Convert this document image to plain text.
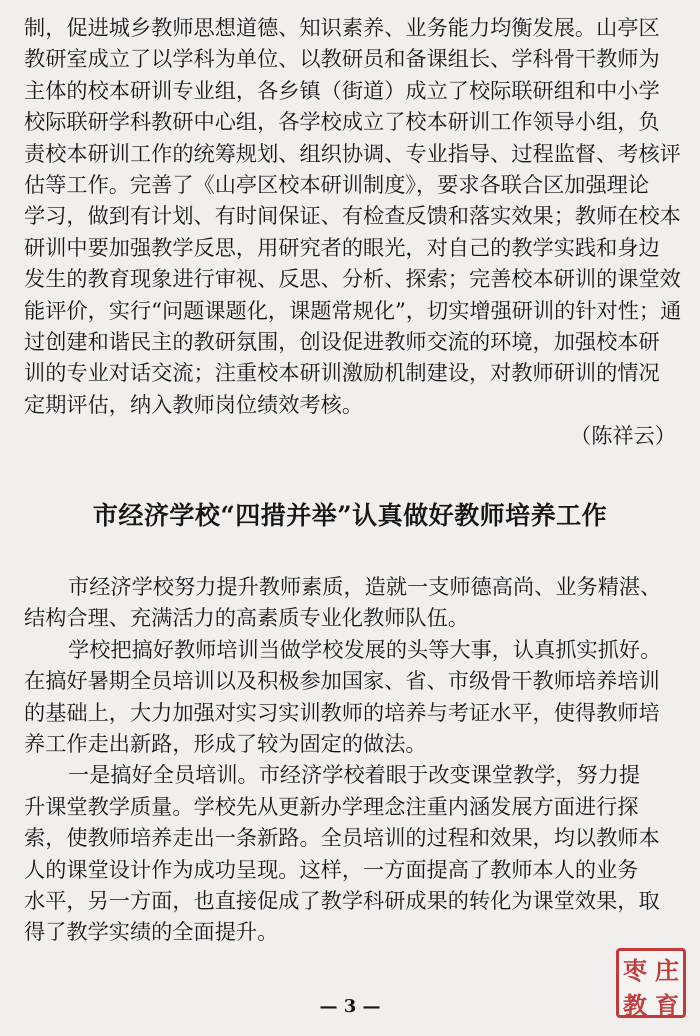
制，促进城乡教师思想道德、知识素养、业务能力均衡发展。山亭区
教研室成立了以学科为单位、以教研员和备课组长、学科骨干教师为
主体的校本研训专业组，各乡镇（街道）成立了校际联研组和中小学
校际联研学科教研中心组，各学校成立了校本研训工作领导小组，负
责校本研训工作的统筹规划、组织协调、专业指导、过程监督、考核评
估等工作。完善了《山亭区校本研训制度》，要求各联合区加强理论
学习，做到有计划、有时间保证、有检查反馈和落实效果；教师在校本
研训中要加强教学反思，用研究者的眼光，对自己的教学实践和身边
发生的教育现象进行审视、反思、分析、探索；完善校本研训的课堂效
能评价，实行“问题课题化，课题常规化”，切实增强研训的针对性；通
过创建和谐民主的教研氛围，创设促进教师交流的环境，加强校本研
训的专业对话交流；注重校本研训激励机制建设，对教师研训的情况
定期评估，纳入教师岗位绩效考核。
（陈祥云）
市经济学校“四措并举”认真做好教师培养工作
市经济学校努力提升教师素质，造就一支师德高尚、业务精湛、
结构合理、充满活力的高素质专业化教师队伍。
学校把搞好教师培训当做学校发展的头等大事，认真抓实抓好。
在搞好暑期全员培训以及积极参加国家、省、市级骨干教师培养培训
的基础上，大力加强对实习实训教师的培养与考证水平，使得教师培
养工作走出新路，形成了较为固定的做法。
一是搞好全员培训。市经济学校着眼于改变课堂教学，努力提
升课堂教学质量。学校先从更新办学理念注重内涵发展方面进行探
索，使教师培养走出一条新路。全员培训的过程和效果，均以教师本
人的课堂设计作为成功呈现。这样，一方面提高了教师本人的业务
水平，另一方面，也直接促成了教学科研成果的转化为课堂效果，取
得了教学实绩的全面提升。
— 3 —
枣 庄
教 育
